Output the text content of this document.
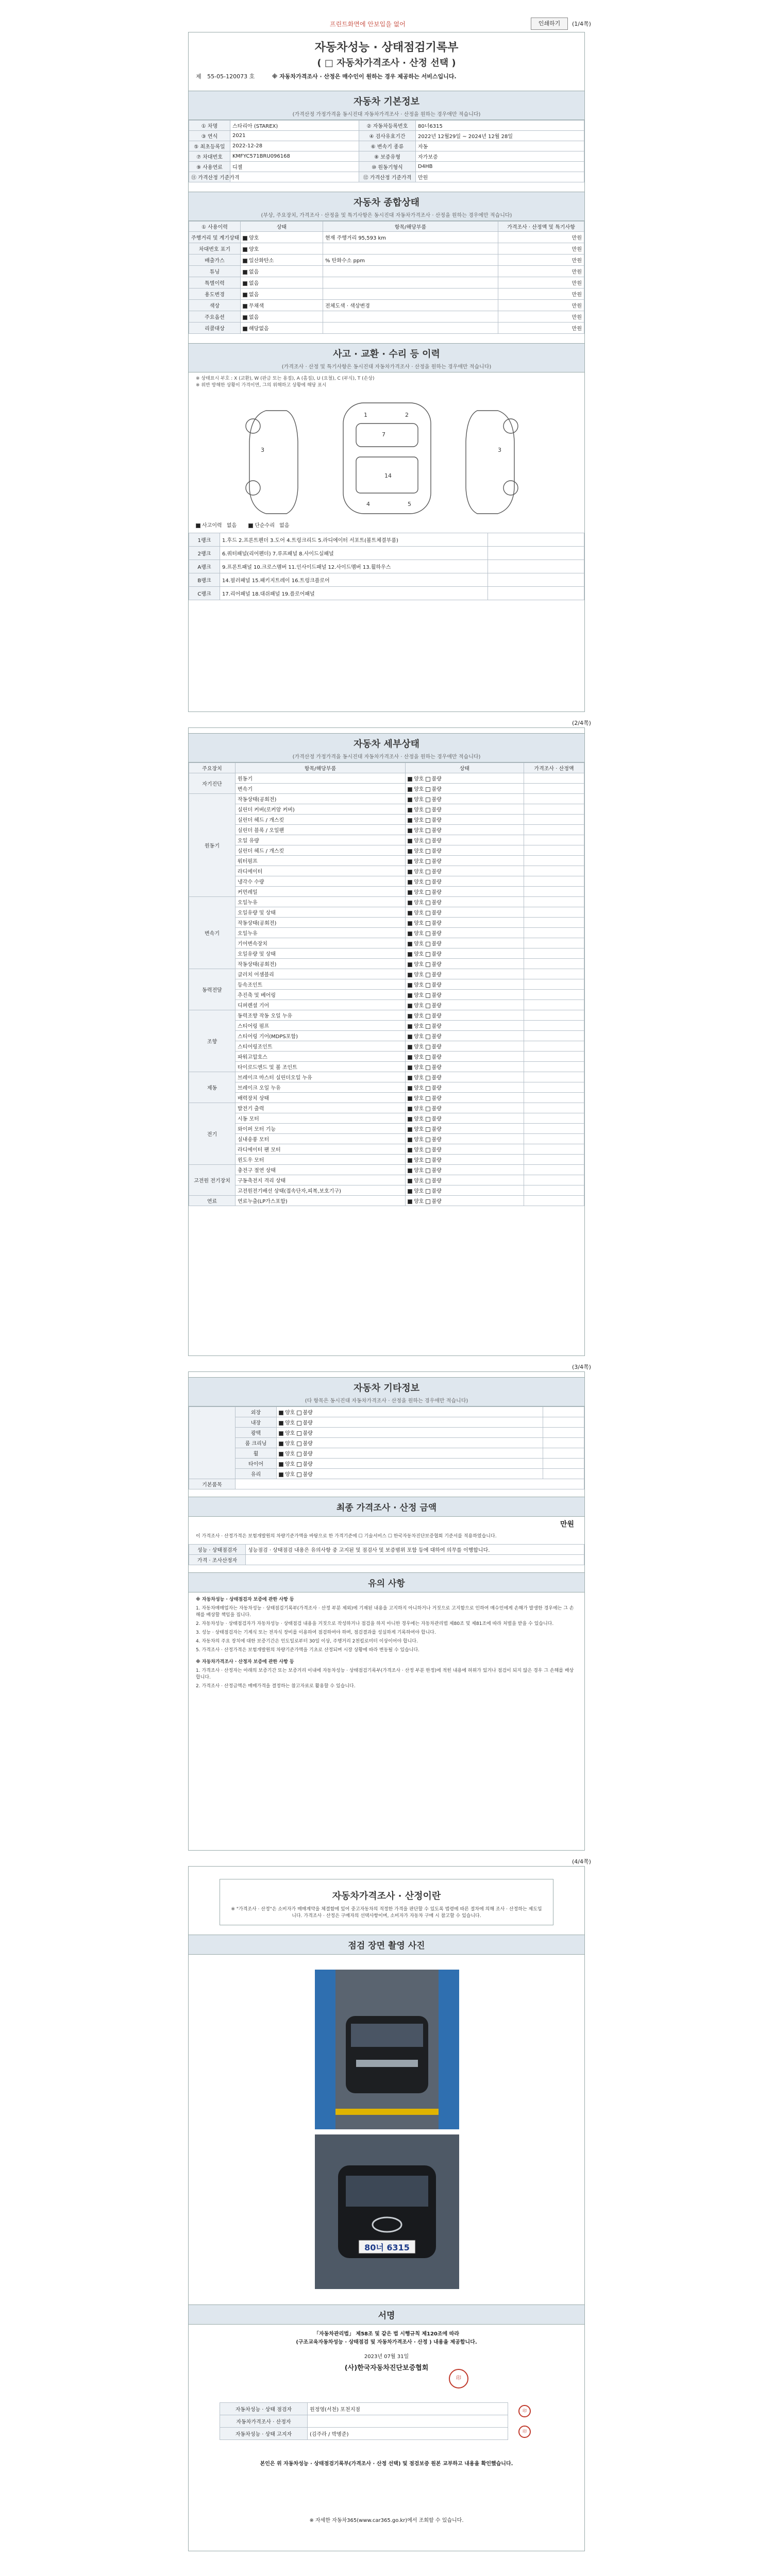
프린트화면에 안보입을 없어	인쇄하기	(1/4쪽)
자동차성능 · 상태점검기록부
( □ 자동차가격조사 · 산정 선택 )
제 55-05-120073 호	※ 자동차가격조사 · 산정은 매수인이 원하는 경우 제공하는 서비스입니다.
자동차 기본정보
(가격산정 가정가격을 동시진대 자동차가격조사 · 산정을 원하는 경우애만 적습니다)
① 차명	스타리아 (STAREX)	② 자동차등록번호	80너6315
③ 연식	2021	④ 검사유효기간	2022년 12월29일 ~ 2024년 12월 28일
⑤ 최초등록일	2022-12-28	⑥ 변속기 종류	자동
⑦ 차대번호	KMFYC571BRU096168	⑧ 보증유형	자가보증
⑨ 사용연료	디젤	⑩ 원동기형식	D4HB
⑪ 가격산정 기준가격		⑫ 가격산정 기준가격	만원
자동차 종합상태
(부상, 주요장치, 가격조사 · 산정을 및 특기사항은 동시진대 자동차가격조사 · 산정을 원하는 경우에만 적습니다)
① 사용이력	상태	항목/해당부품	가격조사 · 산정액 및 특기사항
주행거리 및 계기상태	양호	현재 주행거리 95,593 km	만원
차대번호 표기	양호		만원
배출가스	일산화탄소	% 탄화수소 ppm	만원
튜닝	없음		만원
특별이력	없음		만원
용도변경	없음		만원
색상	무채색	전체도색 · 색상변경	만원
주요옵션	없음		만원
리콜대상	해당없음		만원
사고 · 교환 · 수리 등 이력
(가격조사 · 산정 및 특기사항은 동시진대 자동차가격조사 · 산정을 원하는 경우애만 적습니다)
※ 상태표시 부호 : X (교환), W (판금 또는 용접), A (흠집), U (요철), C (부식), T (손상)
※ 위반 방해한 상황이 가격이면, 그의 위해하고 상황에 해당 표시
1	2
7
14
4	5
3	3
사고이력 없음	단순수리 없음
1랭크	1.후드 2.프론트펜더 3.도어 4.트렁크리드 5.라디에이터 서포트(볼트체결부품)	
2랭크	6.쿼터패널(리어펜더) 7.루프패널 8.사이드실패널	
A랭크	9.프론트패널 10.크로스멤버 11.인사이드패널 12.사이드멤버 13.휠하우스	
B랭크	14.필러패널 15.패키지트레이 16.트렁크플로어	
C랭크	17.리어패널 18.대쉬패널 19.플로어패널	
(2/4쪽)
자동차 세부상태
(가격산정 가정가격을 동시진대 자동차가격조사 · 산정을 원하는 경우애만 적습니다)
주요장치	항목/해당부품	상태	가격조사 · 산정액
자기진단	원동기	양호 불량	
	변속기	양호 불량	
원동기	작동상태(공회전)	양호 불량	
	실린더 커버(로커암 커버)	양호 불량	
	실린더 헤드 / 개스킷	양호 불량	
	실린더 블록 / 오일팬	양호 불량	
	오일 유량	양호 불량	
	실린더 헤드 / 개스킷	양호 불량	
	워터펌프	양호 불량	
	라디에이터	양호 불량	
	냉각수 수량	양호 불량	
	커먼레일	양호 불량	
변속기	오일누유	양호 불량	
	오일유량 및 상태	양호 불량	
	작동상태(공회전)	양호 불량	
	오일누유	양호 불량	
	기어변속장치	양호 불량	
	오일유량 및 상태	양호 불량	
	작동상태(공회전)	양호 불량	
동력전달	클러치 어셈블리	양호 불량	
	등속조인트	양호 불량	
	추진축 및 베어링	양호 불량	
	디퍼렌셜 기어	양호 불량	
조향	동력조향 작동 오일 누유	양호 불량	
	스티어링 펌프	양호 불량	
	스티어링 기어(MDPS포함)	양호 불량	
	스티어링조인트	양호 불량	
	파워고압호스	양호 불량	
	타이로드엔드 및 볼 조인트	양호 불량	
제동	브레이크 마스터 실린더오일 누유	양호 불량	
	브레이크 오일 누유	양호 불량	
	배력장치 상태	양호 불량	
전기	발전기 출력	양호 불량	
	시동 모터	양호 불량	
	와이퍼 모터 기능	양호 불량	
	실내송풍 모터	양호 불량	
	라디에이터 팬 모터	양호 불량	
	윈도우 모터	양호 불량	
고전원 전기장치	충전구 절연 상태	양호 불량	
	구동축전지 격리 상태	양호 불량	
	고전원전기배선 상태(접속단자,피복,보호기구)	양호 불량	
연료	연료누출(LP가스포함)	양호 불량	
(3/4쪽)
자동차 기타정보
(다 항목은 동시진대 자동차가격조사 · 산정을 원하는 경우애만 적습니다)
	외장	양호 불량	
	내장	양호 불량	
	광택	양호 불량	
	룸 크리닝	양호 불량	
	휠	양호 불량	
	타이어	양호 불량	
	유리	양호 불량	
기본품목			
최종 가격조사 · 산정 금액
만원
이 가격조사 · 산정가격은 보험개발원의 차량기준가액을 바탕으로 한 가격기준에 ☐ 기술서비스 ☐ 한국자동차진단보증협회 기준서를 적용하였습니다.
성능 · 상태점검자	성능점검 · 상태점검 내용은 유의사항 중 고지된 및 점검사 및 보증범위 포함 등에 대하여 의무를 이행합니다.
가격 · 조사산정자	
유의 사항
※ 자동차성능 · 상태점검자 보증에 관한 사항 등
1. 자동차매매업자는 자동차성능 · 상태점검기록부(가격조사 · 산정 부분 제외)에 기재된 내용을 고지하지 아니하거나 거짓으로 고지함으로 인하여 매수인에게 손해가 발생한 경우에는 그 손해를 배상할 책임을 집니다.
2. 자동차성능 · 상태점검자가 자동차성능 · 상태점검 내용을 거짓으로 작성하거나 점검을 하지 아니한 경우에는 자동차관리법 제80조 및 제81조에 따라 처벌을 받을 수 있습니다.
3. 성능 · 상태점검자는 기계식 또는 전자식 장비를 이용하여 점검하여야 하며, 점검결과를 성실하게 기록하여야 합니다.
4. 자동차의 주요 장치에 대한 보증기간은 인도일로부터 30일 이상, 주행거리 2천킬로미터 이상이어야 합니다.
5. 가격조사 · 산정가격은 보험개발원의 차량기준가액을 기초로 산정되며 시장 상황에 따라 변동될 수 있습니다.
※ 자동차가격조사 · 산정자 보증에 관한 사항 등
1. 가격조사 · 산정자는 아래의 보증기간 또는 보증거리 이내에 자동차성능 · 상태점검기록부(가격조사 · 산정 부분 한정)에 적힌 내용에 허위가 있거나 점검이 되지 않은 경우 그 손해를 배상합니다.
2. 가격조사 · 산정금액은 매매가격을 결정하는 참고자료로 활용할 수 있습니다.
(4/4쪽)
자동차가격조사 · 산정이란
※ "가격조사 · 산정"은 소비자가 매매계약을 체결함에 있어 중고자동차의 적정한 가격을 판단할 수 있도록 법령에 따른 절차에 의해 조사 · 산정하는 제도입니다. 가격조사 · 산정은 구매자의 선택사항이며, 소비자가 자동차 구매 시 참고할 수 있습니다.
점검 장면 촬영 사진
80너 6315
서명
「자동차관리법」 제58조 및 같은 법 시행규칙 제120조에 따라
(구조교육자동차성능 · 상태점검 및 자동차가격조사 · 산정 ) 내용을 제공합니다.
2023년 07월 31일
(사)한국자동차진단보증협회
印
자동차성능 · 상태 점검자	원정영(서천) 포천지점
자동차가격조사 · 산정자	
자동차성능 · 상태 고지자	(김주라 / 박병준)
印
印
본인은 위 자동차성능 · 상태점검기록부(가격조사 · 산정 선택) 및 점검보증 원본 교부하고 내용을 확인했습니다.
※ 자세한 자동차365(www.car365.go.kr)에서 조회할 수 있습니다.
